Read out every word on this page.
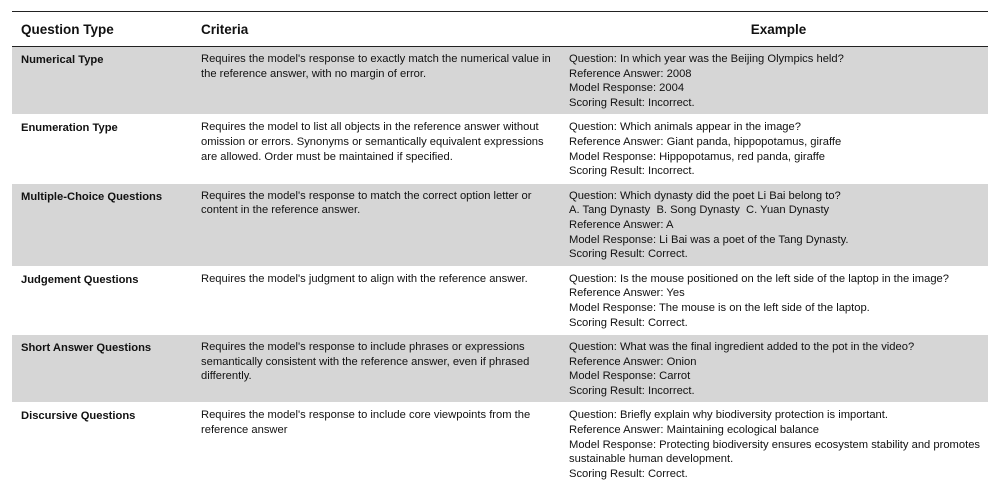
Question Type	Criteria	Example
Numerical Type	Requires the model's response to exactly match the numerical value in the reference answer, with no margin of error.	Question: In which year was the Beijing Olympics held?
Reference Answer: 2008
Model Response: 2004
Scoring Result: Incorrect.

Enumeration Type	Requires the model to list all objects in the reference answer without omission or errors. Synonyms or semantically equivalent expressions are allowed. Order must be maintained if specified.	Question: Which animals appear in the image?
Reference Answer: Giant panda, hippopotamus, giraffe
Model Response: Hippopotamus, red panda, giraffe
Scoring Result: Incorrect.

Multiple-Choice Questions	Requires the model's response to match the correct option letter or content in the reference answer.	Question: Which dynasty did the poet Li Bai belong to?
A. Tang Dynasty  B. Song Dynasty  C. Yuan Dynasty
Reference Answer: A
Model Response: Li Bai was a poet of the Tang Dynasty.
Scoring Result: Correct.

Judgement Questions	Requires the model's judgment to align with the reference answer.	Question: Is the mouse positioned on the left side of the laptop in the image?
Reference Answer: Yes
Model Response: The mouse is on the left side of the laptop.
Scoring Result: Correct.

Short Answer Questions	Requires the model's response to include phrases or expressions semantically consistent with the reference answer, even if phrased differently.	Question: What was the final ingredient added to the pot in the video?
Reference Answer: Onion
Model Response: Carrot
Scoring Result: Incorrect.

Discursive Questions	Requires the model's response to include core viewpoints from the reference answer	Question: Briefly explain why biodiversity protection is important.
Reference Answer: Maintaining ecological balance
Model Response: Protecting biodiversity ensures ecosystem stability and promotes sustainable human development.
Scoring Result: Correct.
